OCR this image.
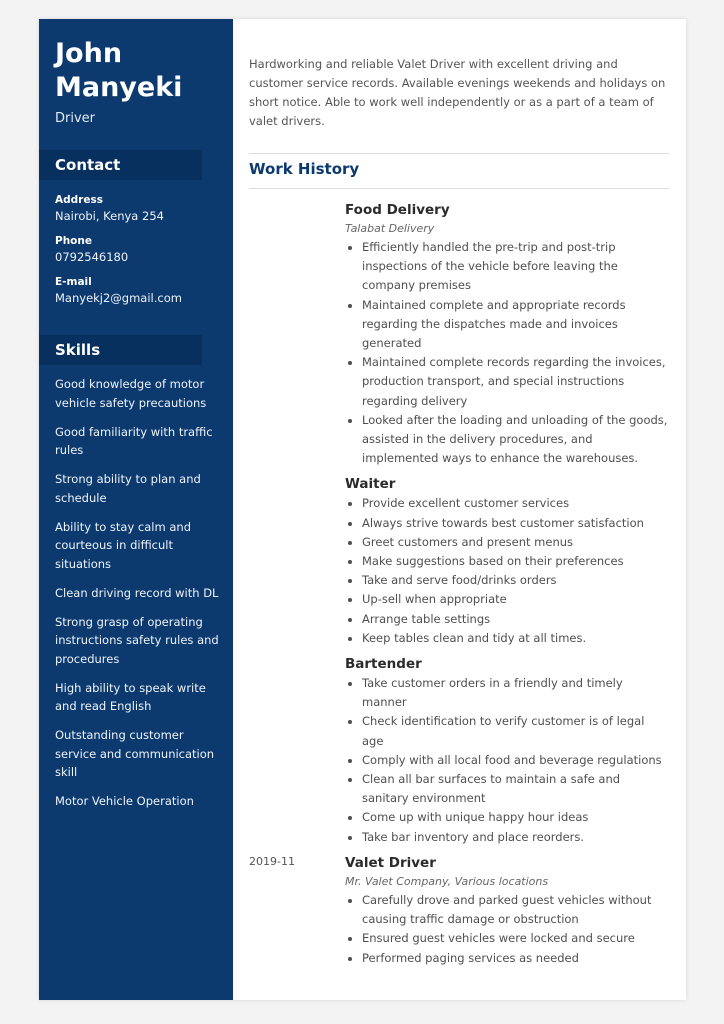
John
Manyeki
Driver
Contact
Address
Nairobi, Kenya 254
Phone
0792546180
E-mail
Manyekj2@gmail.com
Skills
Good knowledge of motor vehicle safety precautions
Good familiarity with traffic rules
Strong ability to plan and schedule
Ability to stay calm and courteous in difficult situations
Clean driving record with DL
Strong grasp of operating instructions safety rules and procedures
High ability to speak write and read English
Outstanding customer service and communication skill
Motor Vehicle Operation
Hardworking and reliable Valet Driver with excellent driving and customer service records. Available evenings weekends and holidays on short notice. Able to work well independently or as a part of a team of valet drivers.
Work History
Food Delivery
Talabat Delivery
• Efficiently handled the pre-trip and post-trip inspections of the vehicle before leaving the company premises
• Maintained complete and appropriate records regarding the dispatches made and invoices generated
• Maintained complete records regarding the invoices, production transport, and special instructions regarding delivery
• Looked after the loading and unloading of the goods, assisted in the delivery procedures, and implemented ways to enhance the warehouses.
Waiter
• Provide excellent customer services
• Always strive towards best customer satisfaction
• Greet customers and present menus
• Make suggestions based on their preferences
• Take and serve food/drinks orders
• Up-sell when appropriate
• Arrange table settings
• Keep tables clean and tidy at all times.
Bartender
• Take customer orders in a friendly and timely manner
• Check identification to verify customer is of legal age
• Comply with all local food and beverage regulations
• Clean all bar surfaces to maintain a safe and sanitary environment
• Come up with unique happy hour ideas
• Take bar inventory and place reorders.
2019-11	Valet Driver
Mr. Valet Company, Various locations
• Carefully drove and parked guest vehicles without causing traffic damage or obstruction
• Ensured guest vehicles were locked and secure
• Performed paging services as needed
